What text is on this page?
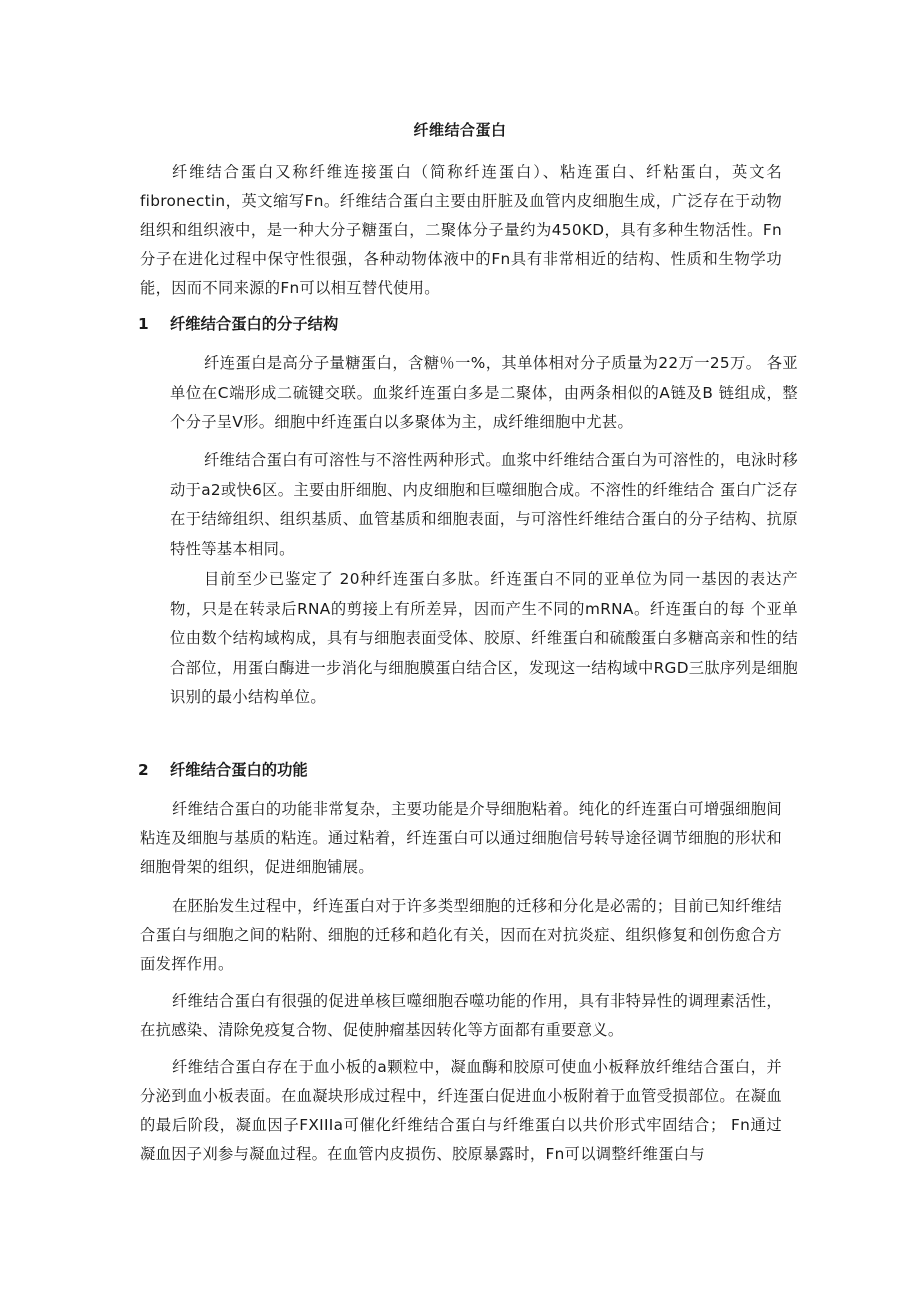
纤维结合蛋白

纤维结合蛋白又称纤维连接蛋白（简称纤连蛋白）、粘连蛋白、纤粘蛋白，英文名fibronectin，英文缩写Fn。纤维结合蛋白主要由肝脏及血管内皮细胞生成，广泛存在于动物组织和组织液中，是一种大分子糖蛋白，二聚体分子量约为450KD，具有多种生物活性。Fn分子在进化过程中保守性很强，各种动物体液中的Fn具有非常相近的结构、性质和生物学功能，因而不同来源的Fn可以相互替代使用。

1 纤维结合蛋白的分子结构

纤连蛋白是高分子量糖蛋白，含糖％一%，其单体相对分子质量为22万一25万。 各亚单位在C端形成二硫键交联。血浆纤连蛋白多是二聚体，由两条相似的A链及B 链组成，整个分子呈V形。细胞中纤连蛋白以多聚体为主，成纤维细胞中尤甚。

纤维结合蛋白有可溶性与不溶性两种形式。血浆中纤维结合蛋白为可溶性的，电泳时移动于a2或快6区。主要由肝细胞、内皮细胞和巨噬细胞合成。不溶性的纤维结合 蛋白广泛存在于结缔组织、组织基质、血管基质和细胞表面，与可溶性纤维结合蛋白的分子结构、抗原特性等基本相同。

目前至少已鉴定了 20种纤连蛋白多肽。纤连蛋白不同的亚单位为同一基因的表达产物，只是在转录后RNA的剪接上有所差异，因而产生不同的mRNA。纤连蛋白的每 个亚单位由数个结构域构成，具有与细胞表面受体、胶原、纤维蛋白和硫酸蛋白多糖高亲和性的结合部位，用蛋白酶进一步消化与细胞膜蛋白结合区，发现这一结构域中RGD三肽序列是细胞识别的最小结构单位。

2 纤维结合蛋白的功能

纤维结合蛋白的功能非常复杂，主要功能是介导细胞粘着。纯化的纤连蛋白可增强细胞间粘连及细胞与基质的粘连。通过粘着，纤连蛋白可以通过细胞信号转导途径调节细胞的形状和细胞骨架的组织，促进细胞铺展。

在胚胎发生过程中，纤连蛋白对于许多类型细胞的迁移和分化是必需的；目前已知纤维结合蛋白与细胞之间的粘附、细胞的迁移和趋化有关，因而在对抗炎症、组织修复和创伤愈合方面发挥作用。

纤维结合蛋白有很强的促进单核巨噬细胞吞噬功能的作用，具有非特异性的调理素活性，在抗感染、清除免疫复合物、促使肿瘤基因转化等方面都有重要意义。

纤维结合蛋白存在于血小板的a颗粒中，凝血酶和胶原可使血小板释放纤维结合蛋白，并分泌到血小板表面。在血凝块形成过程中，纤连蛋白促进血小板附着于血管受损部位。在凝血的最后阶段，凝血因子FXIIIa可催化纤维结合蛋白与纤维蛋白以共价形式牢固结合； Fn通过凝血因子刈参与凝血过程。在血管内皮损伤、胶原暴露时，Fn可以调整纤维蛋白与
